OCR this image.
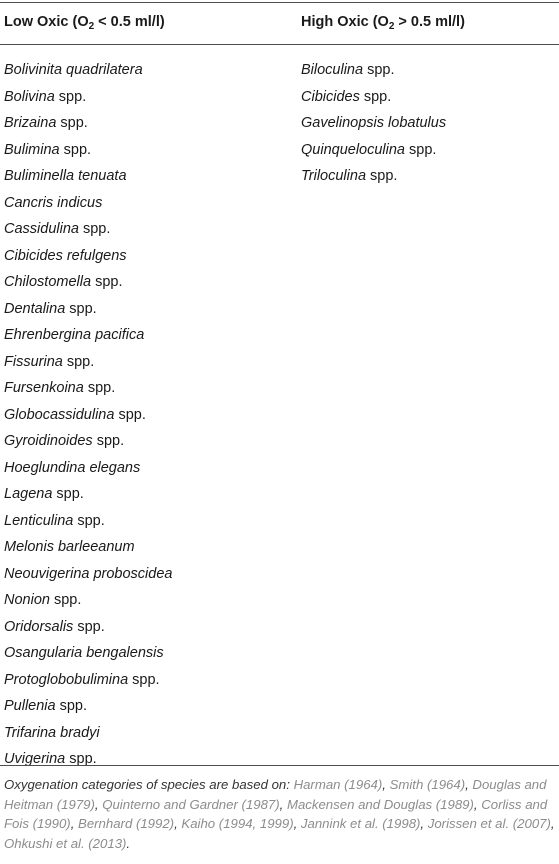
Low Oxic ($O_2 < 0.5$ ml/l)	High Oxic ($O_2 > 0.5$ ml/l)
Bolivinita quadrilatera
Bolivina spp.
Brizaina spp.
Bulimina spp.
Buliminella tenuata
Cancris indicus
Cassidulina spp.
Cibicides refulgens
Chilostomella spp.
Dentalina spp.
Ehrenbergina pacifica
Fissurina spp.
Fursenkoina spp.
Globocassidulina spp.
Gyroidinoides spp.
Hoeglundina elegans
Lagena spp.
Lenticulina spp.
Melonis barleeanum
Neouvigerina proboscidea
Nonion spp.
Oridorsalis spp.
Osangularia bengalensis
Protoglobobulimina spp.
Pullenia spp.
Trifarina bradyi
Uvigerina spp.
Biloculina spp.
Cibicides spp.
Gavelinopsis lobatulus
Quinqueloculina spp.
Triloculina spp.
Oxygenation categories of species are based on: Harman (1964), Smith (1964), Douglas and Heitman (1979), Quinterno and Gardner (1987), Mackensen and Douglas (1989), Corliss and Fois (1990), Bernhard (1992), Kaiho (1994, 1999), Jannink et al. (1998), Jorissen et al. (2007), Ohkushi et al. (2013).
